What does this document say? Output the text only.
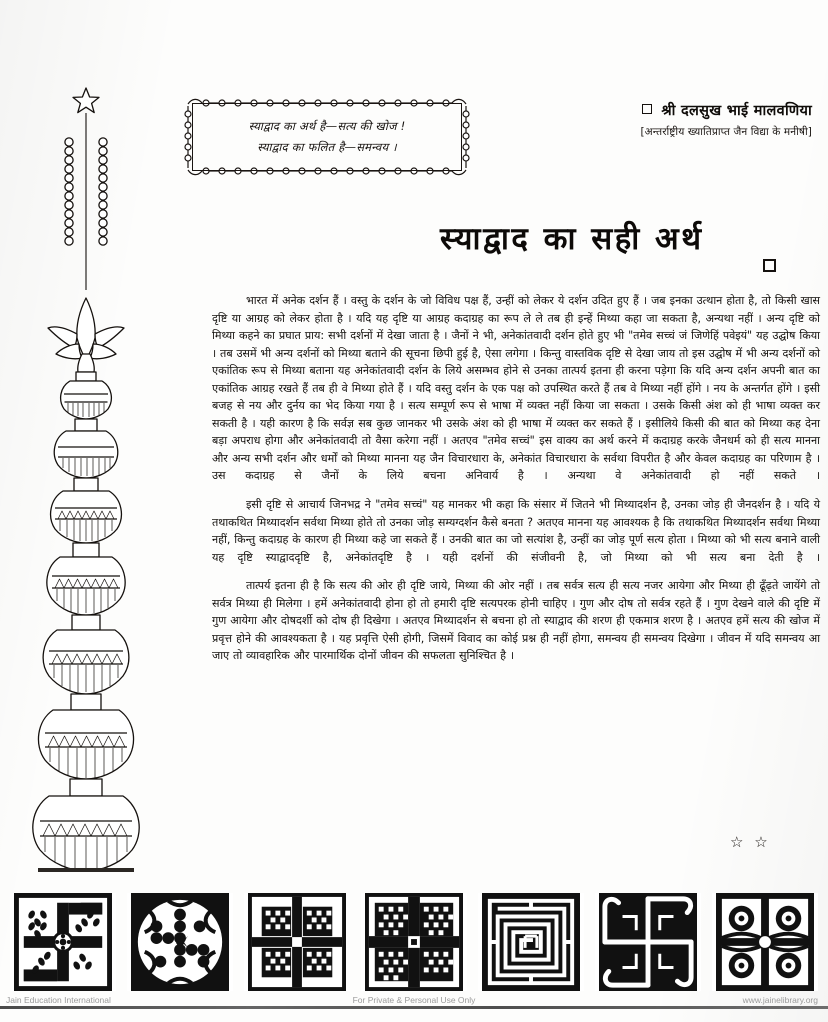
स्याद्वाद का अर्थ है—सत्य की खोज !
स्याद्वाद का फलित है—समन्वय ।
श्री दलसुख भाई मालवणिया
[अन्तर्राष्ट्रीय ख्यातिप्राप्त जैन विद्या के मनीषी]
स्याद्वाद का सही अर्थ

भारत में अनेक दर्शन हैं । वस्तु के दर्शन के जो विविध पक्ष हैं, उन्हीं को लेकर ये दर्शन उदित हुए हैं । जब इनका उत्थान होता है, तो किसी खास दृष्टि या आग्रह को लेकर होता है । यदि यह दृष्टि या आग्रह कदाग्रह का रूप ले ले तब ही इन्हें मिथ्या कहा जा सकता है, अन्यथा नहीं । अन्य दृष्टि को मिथ्या कहने का प्रघात प्राय: सभी दर्शनों में देखा जाता है । जैनों ने भी, अनेकांतवादी दर्शन होते हुए भी "तमेव सच्चं जं जिणेहिं पवेइयं" यह उद्घोष किया । तब उसमें भी अन्य दर्शनों को मिथ्या बताने की सूचना छिपी हुई है, ऐसा लगेगा । किन्तु वास्तविक दृष्टि से देखा जाय तो इस उद्घोष में भी अन्य दर्शनों को एकांतिक रूप से मिथ्या बताना यह अनेकांतवादी दर्शन के लिये असम्भव होने से उनका तात्पर्य इतना ही करना पड़ेगा कि यदि अन्य दर्शन अपनी बात का एकांतिक आग्रह रखते हैं तब ही वे मिथ्या होते हैं । यदि वस्तु दर्शन के एक पक्ष को उपस्थित करते हैं तब वे मिथ्या नहीं होंगे । नय के अन्तर्गत होंगे । इसी बजह से नय और दुर्नय का भेद किया गया है । सत्य सम्पूर्ण रूप से भाषा में व्यक्त नहीं किया जा सकता । उसके किसी अंश को ही भाषा व्यक्त कर सकती है । यही कारण है कि सर्वज्ञ सब कुछ जानकर भी उसके अंश को ही भाषा में व्यक्त कर सकते हैं । इसीलिये किसी की बात को मिथ्या कह देना बड़ा अपराध होगा और अनेकांतवादी तो वैसा करेगा नहीं । अतएव "तमेव सच्चं" इस वाक्य का अर्थ करने में कदाग्रह करके जैनधर्म को ही सत्य मानना और अन्य सभी दर्शन और धर्मों को मिथ्या मानना यह जैन विचारधारा के, अनेकांत विचारधारा के सर्वथा विपरीत है और केवल कदाग्रह का परिणाम है । उस कदाग्रह से जैनों के लिये बचना अनिवार्य है । अन्यथा वे अनेकांतवादी हो नहीं सकते ।

इसी दृष्टि से आचार्य जिनभद्र ने "तमेव सच्चं" यह मानकर भी कहा कि संसार में जितने भी मिथ्यादर्शन है, उनका जोड़ ही जैनदर्शन है । यदि ये तथाकथित मिथ्यादर्शन सर्वथा मिथ्या होते तो उनका जोड़ सम्यग्दर्शन कैसे बनता ? अतएव मानना यह आवश्यक है कि तथाकथित मिथ्यादर्शन सर्वथा मिथ्या नहीं, किन्तु कदाग्रह के कारण ही मिथ्या कहे जा सकते हैं । उनकी बात का जो सत्यांश है, उन्हीं का जोड़ पूर्ण सत्य होता । मिथ्या को भी सत्य बनाने वाली यह दृष्टि स्याद्वाददृष्टि है, अनेकांतदृष्टि है । यही दर्शनों की संजीवनी है, जो मिथ्या को भी सत्य बना देती है ।

तात्पर्य इतना ही है कि सत्य की ओर ही दृष्टि जाये, मिथ्या की ओर नहीं । तब सर्वत्र सत्य ही सत्य नजर आयेगा और मिथ्या ही ढूँढ़ते जायेंगे तो सर्वत्र मिथ्या ही मिलेगा । हमें अनेकांतवादी होना हो तो हमारी दृष्टि सत्यपरक होनी चाहिए । गुण और दोष तो सर्वत्र रहते हैं । गुण देखने वाले की दृष्टि में गुण आयेगा और दोषदर्शी को दोष ही दिखेगा । अतएव मिथ्यादर्शन से बचना हो तो स्याद्वाद की शरण ही एकमात्र शरण है । अतएव हमें सत्य की खोज में प्रवृत्त होने की आवश्यकता है । यह प्रवृत्ति ऐसी होगी, जिसमें विवाद का कोई प्रश्न ही नहीं होगा, समन्वय ही समन्वय दिखेगा । जीवन में यदि समन्वय आ जाए तो व्यावहारिक और पारमार्थिक दोनों जीवन की सफलता सुनिश्चित है ।

☆ ☆
Jain Education International	For Private & Personal Use Only	www.jainelibrary.org
